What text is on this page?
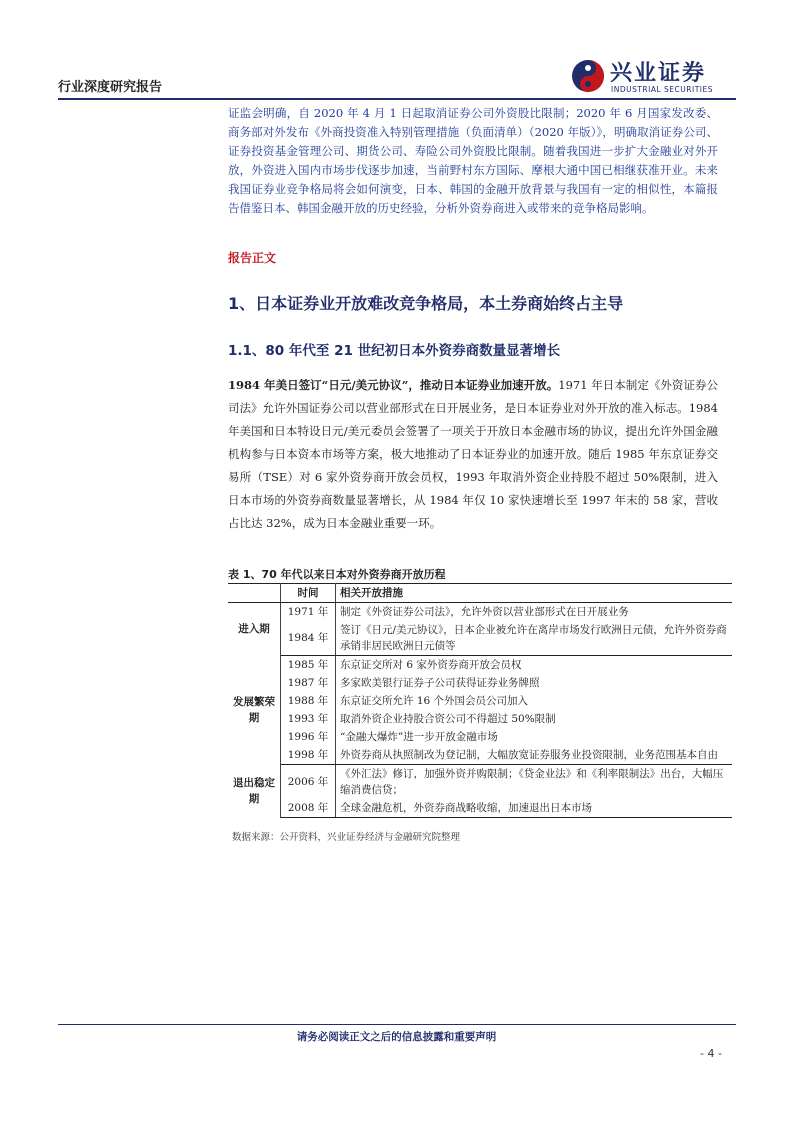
行业深度研究报告
兴业证券
INDUSTRIAL SECURITIES
证监会明确，自 2020 年 4 月 1 日起取消证券公司外资股比限制；2020 年 6 月国家发改委、商务部对外发布《外商投资准入特别管理措施（负面清单）（2020 年版）》，明确取消证券公司、证券投资基金管理公司、期货公司、寿险公司外资股比限制。随着我国进一步扩大金融业对外开放，外资进入国内市场步伐逐步加速，当前野村东方国际、摩根大通中国已相继获准开业。未来我国证券业竞争格局将会如何演变，日本、韩国的金融开放背景与我国有一定的相似性，本篇报告借鉴日本、韩国金融开放的历史经验，分析外资券商进入或带来的竞争格局影响。
报告正文
1、日本证券业开放难改竞争格局，本土券商始终占主导
1.1、80 年代至 21 世纪初日本外资券商数量显著增长
1984 年美日签订“日元/美元协议”，推动日本证券业加速开放。1971 年日本制定《外资证券公司法》允许外国证券公司以营业部形式在日开展业务，是日本证券业对外开放的准入标志。1984 年美国和日本特设日元/美元委员会签署了一项关于开放日本金融市场的协议，提出允许外国金融机构参与日本资本市场等方案，极大地推动了日本证券业的加速开放。随后 1985 年东京证券交易所（TSE）对 6 家外资券商开放会员权，1993 年取消外资企业持股不超过 50%限制，进入日本市场的外资券商数量显著增长，从 1984 年仅 10 家快速增长至 1997 年末的 58 家，营收占比达 32%，成为日本金融业重要一环。
表 1、70 年代以来日本对外资券商开放历程
	时间	相关开放措施
进入期	1971 年	制定《外资证券公司法》，允许外资以营业部形式在日开展业务
	1984 年	签订《日元/美元协议》，日本企业被允许在离岸市场发行欧洲日元债，允许外资券商承销非居民欧洲日元债等
发展繁荣期	1985 年	东京证交所对 6 家外资券商开放会员权
	1987 年	多家欧美银行证券子公司获得证券业务牌照
	1988 年	东京证交所允许 16 个外国会员公司加入
	1993 年	取消外资企业持股合资公司不得超过 50%限制
	1996 年	“金融大爆炸”进一步开放金融市场
	1998 年	外资券商从执照制改为登记制，大幅放宽证券服务业投资限制，业务范围基本自由
退出稳定期	2006 年	《外汇法》修订，加强外资并购限制；《贷金业法》和《利率限制法》出台，大幅压缩消费信贷；
	2008 年	全球金融危机，外资券商战略收缩，加速退出日本市场
数据来源：公开资料，兴业证券经济与金融研究院整理
请务必阅读正文之后的信息披露和重要声明
- 4 -
